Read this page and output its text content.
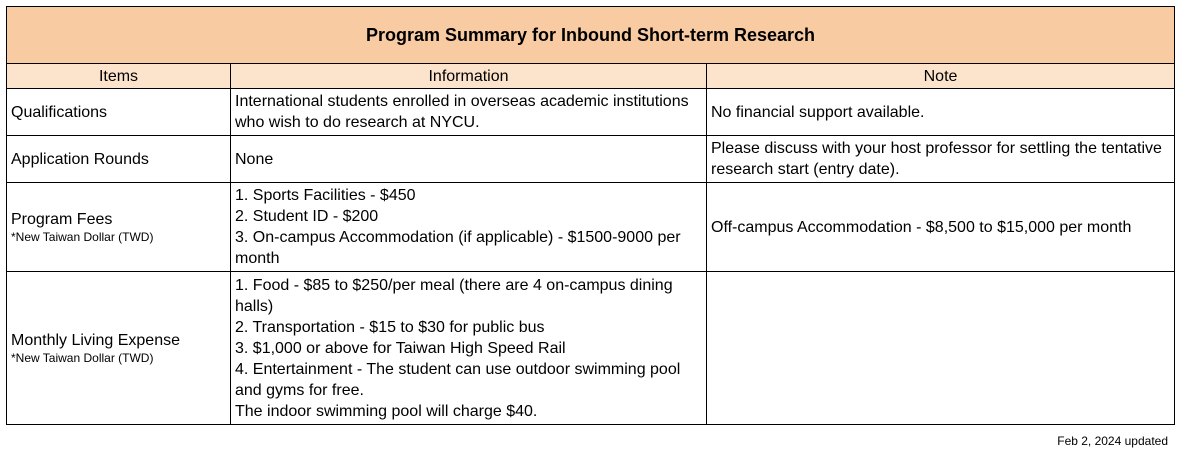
Program Summary for Inbound Short-term Research		
Items	Information	Note
Qualifications	International students enrolled in overseas academic institutions who wish to do research at NYCU.	No financial support available.
Application Rounds	None	Please discuss with your host professor for settling the tentative research start (entry date).

Program Fees
*New Taiwan Dollar (TWD)	1. Sports Facilities - $450
2. Student ID - $200
3. On-campus Accommodation (if applicable) - $1500-9000 per month	Off-campus Accommodation - $8,500 to $15,000 per month

Monthly Living Expense
*New Taiwan Dollar (TWD)	1. Food - $85 to $250/per meal (there are 4 on-campus dining halls)
2. Transportation - $15 to $30 for public bus
3. $1,000 or above for Taiwan High Speed Rail
4. Entertainment - The student can use outdoor swimming pool and gyms for free.
The indoor swimming pool will charge $40.	

Feb 2, 2024 updated
